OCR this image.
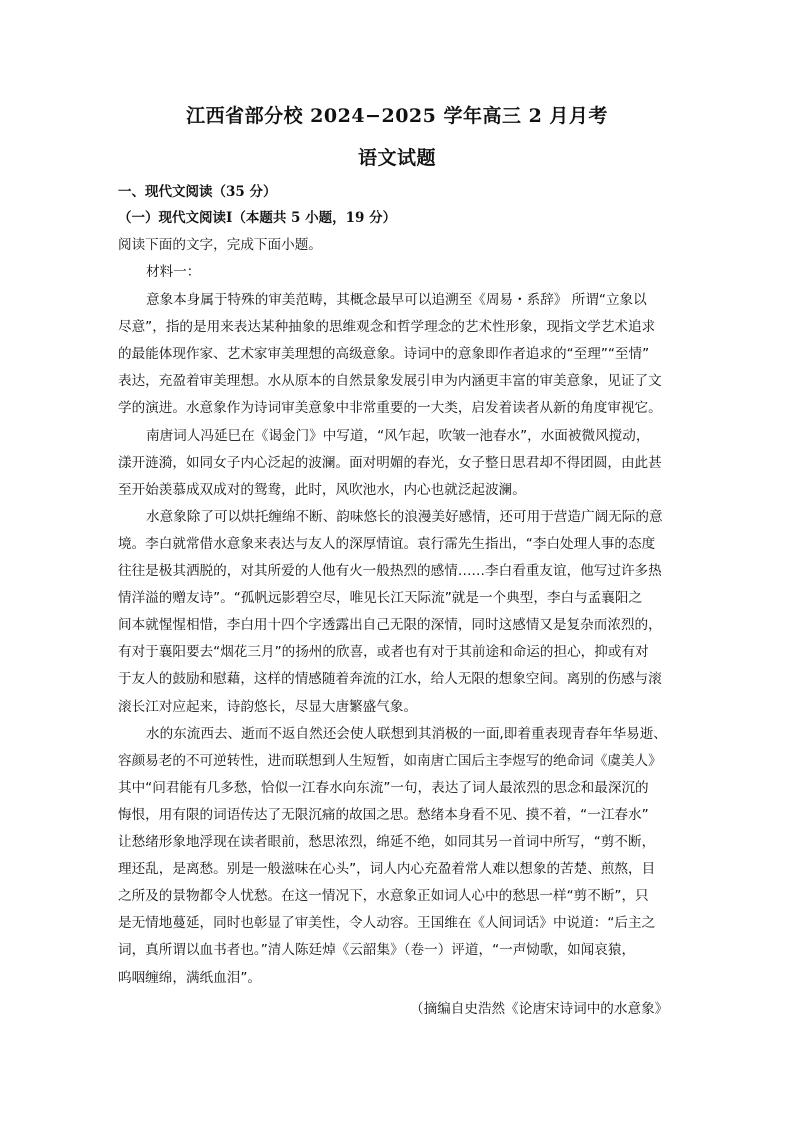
江西省部分校 2024−2025 学年高三 2 月月考
语文试题
一、现代文阅读（35 分）
（一）现代文阅读Ⅰ（本题共 5 小题，19 分）
阅读下面的文字，完成下面小题。
材料一：
意象本身属于特殊的审美范畴，其概念最早可以追溯至《周易・系辞》 所谓“立象以
尽意”，指的是用来表达某种抽象的思维观念和哲学理念的艺术性形象，现指文学艺术追求
的最能体现作家、艺术家审美理想的高级意象。诗词中的意象即作者追求的“至理”“至情”
表达，充盈着审美理想。水从原本的自然景象发展引申为内涵更丰富的审美意象，见证了文
学的演进。水意象作为诗词审美意象中非常重要的一大类，启发着读者从新的角度审视它。
南唐词人冯延巳在《谒金门》中写道，“风乍起，吹皱一池春水”，水面被微风搅动，
漾开涟漪，如同女子内心泛起的波澜。面对明媚的春光，女子整日思君却不得团圆，由此甚
至开始羡慕成双成对的鸳鸯，此时，风吹池水，内心也就泛起波澜。
水意象除了可以烘托缠绵不断、韵味悠长的浪漫美好感情，还可用于营造广阔无际的意
境。李白就常借水意象来表达与友人的深厚情谊。袁行霈先生指出，“李白处理人事的态度
往往是极其洒脱的，对其所爱的人他有火一般热烈的感情……李白看重友谊，他写过许多热
情洋溢的赠友诗”。“孤帆远影碧空尽，唯见长江天际流”就是一个典型，李白与孟襄阳之
间本就惺惺相惜，李白用十四个字透露出自己无限的深情，同时这感情又是复杂而浓烈的，
有对于襄阳要去“烟花三月”的扬州的欣喜，或者也有对于其前途和命运的担心，抑或有对
于友人的鼓励和慰藉，这样的情感随着奔流的江水，给人无限的想象空间。离别的伤感与滚
滚长江对应起来，诗韵悠长，尽显大唐繁盛气象。
水的东流西去、逝而不返自然还会使人联想到其消极的一面,即着重表现青春年华易逝、
容颜易老的不可逆转性，进而联想到人生短暂，如南唐亡国后主李煜写的绝命词《虞美人》
其中“问君能有几多愁，恰似一江春水向东流”一句，表达了词人最浓烈的思念和最深沉的
悔恨，用有限的词语传达了无限沉痛的故国之思。愁绪本身看不见、摸不着，“一江春水”
让愁绪形象地浮现在读者眼前，愁思浓烈，绵延不绝，如同其另一首词中所写，“剪不断，
理还乱，是离愁。别是一般滋味在心头”，词人内心充盈着常人难以想象的苦楚、煎熬，目
之所及的景物都令人忧愁。在这一情况下，水意象正如词人心中的愁思一样“剪不断”，只
是无情地蔓延，同时也彰显了审美性，令人动容。王国维在《人间词话》中说道：“后主之
词，真所谓以血书者也。”清人陈廷焯《云韶集》（卷一）评道，“一声恸歌，如闻哀猿，
呜咽缠绵，满纸血泪”。
（摘编自史浩然《论唐宋诗词中的水意象》
